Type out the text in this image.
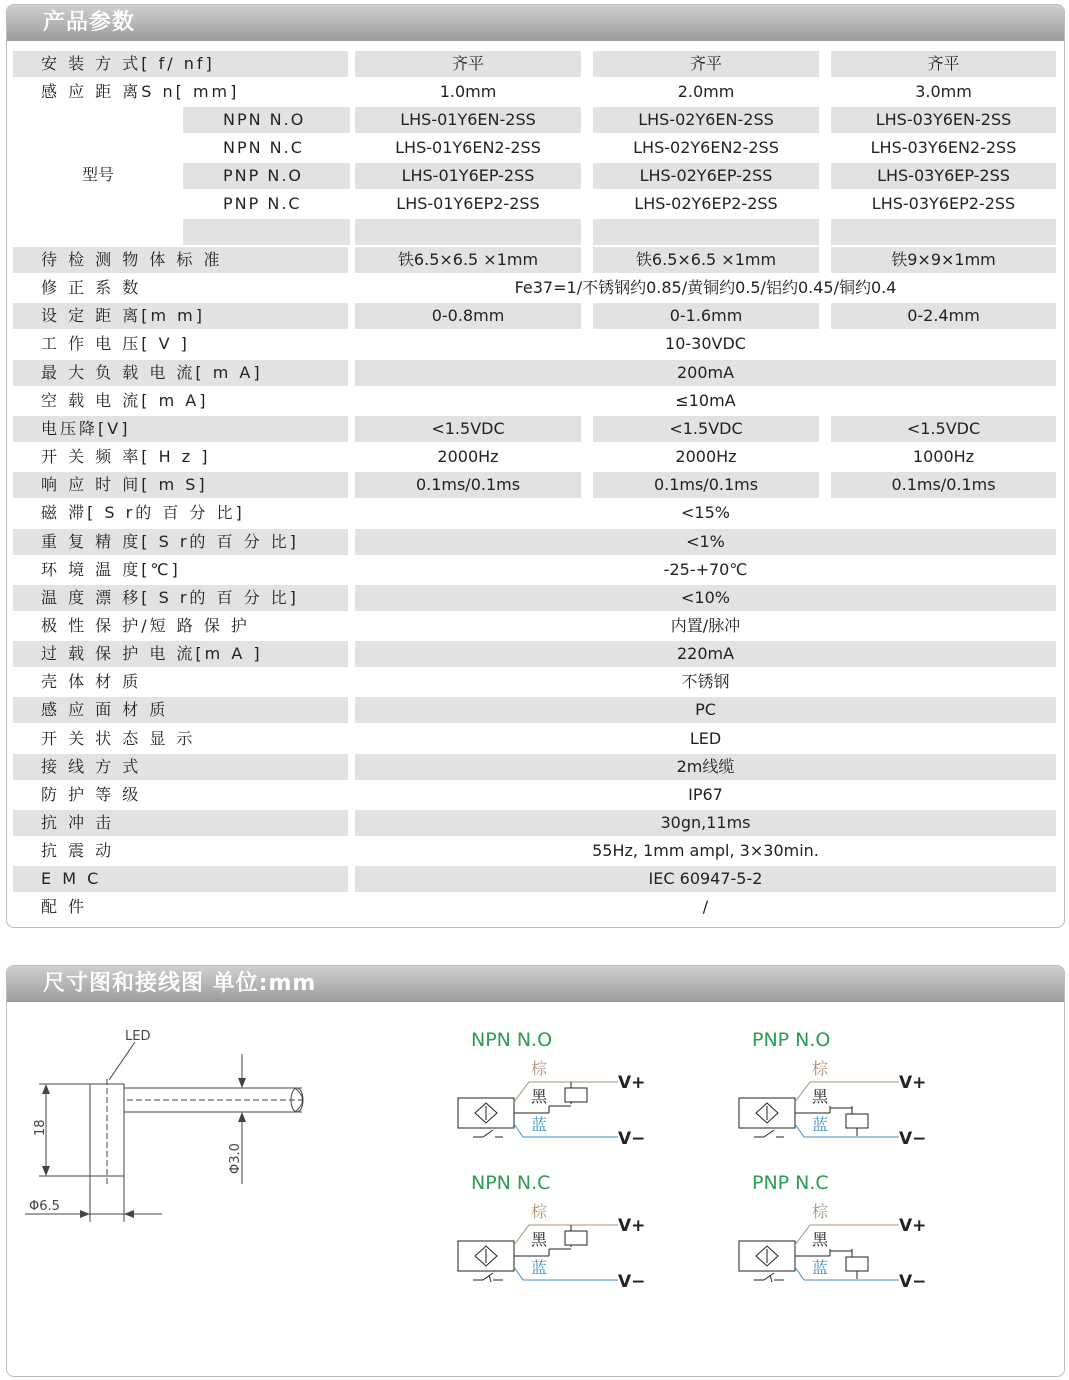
产品参数
安 装 方 式[ f/ nf]	齐平	齐平	齐平
感 应 距 离S n[ mm]	1.0mm	2.0mm	3.0mm
NPN N.O	LHS-01Y6EN-2SS	LHS-02Y6EN-2SS	LHS-03Y6EN-2SS
NPN N.C	LHS-01Y6EN2-2SS	LHS-02Y6EN2-2SS	LHS-03Y6EN2-2SS
PNP N.O	LHS-01Y6EP-2SS	LHS-02Y6EP-2SS	LHS-03Y6EP-2SS
PNP N.C	LHS-01Y6EP2-2SS	LHS-02Y6EP2-2SS	LHS-03Y6EP2-2SS
型号
待 检 测 物 体 标 准	铁6.5×6.5 ×1mm	铁6.5×6.5 ×1mm	铁9×9×1mm
修 正 系 数	Fe37=1/不锈钢约0.85/黄铜约0.5/铝约0.45/铜约0.4
设 定 距 离[m m]	0-0.8mm	0-1.6mm	0-2.4mm
工 作 电 压[ V ]	10-30VDC
最 大 负 载 电 流[ m A]	200mA
空 载 电 流[ m A]	≤10mA
电压降[V]	<1.5VDC	<1.5VDC	<1.5VDC
开 关 频 率[ H z ]	2000Hz	2000Hz	1000Hz
响 应 时 间[ m S]	0.1ms/0.1ms	0.1ms/0.1ms	0.1ms/0.1ms
磁 滞[ S r的 百 分 比]	<15%
重 复 精 度[ S r的 百 分 比]	<1%
环 境 温 度[℃]	-25-+70℃
温 度 漂 移[ S r的 百 分 比]	<10%
极 性 保 护/短 路 保 护	内置/脉冲
过 载 保 护 电 流[m A ]	220mA
壳 体 材 质	不锈钢
感 应 面 材 质	PC
开 关 状 态 显 示	LED
接 线 方 式	2m线缆
防 护 等 级	IP67
抗 冲 击	30gn,11ms
抗 震 动	55Hz, 1mm ampl, 3×30min.
E M C	IEC 60947-5-2
配 件	/
尺寸图和接线图 单位:mm
LED
18
Φ3.0
Φ6.5
NPN N.O
棕
黑
蓝
V+
V−
PNP N.O
棕
黑
蓝
V+
V−
NPN N.C
棕
黑
蓝
V+
V−
PNP N.C
棕
黑
蓝
V+
V−
